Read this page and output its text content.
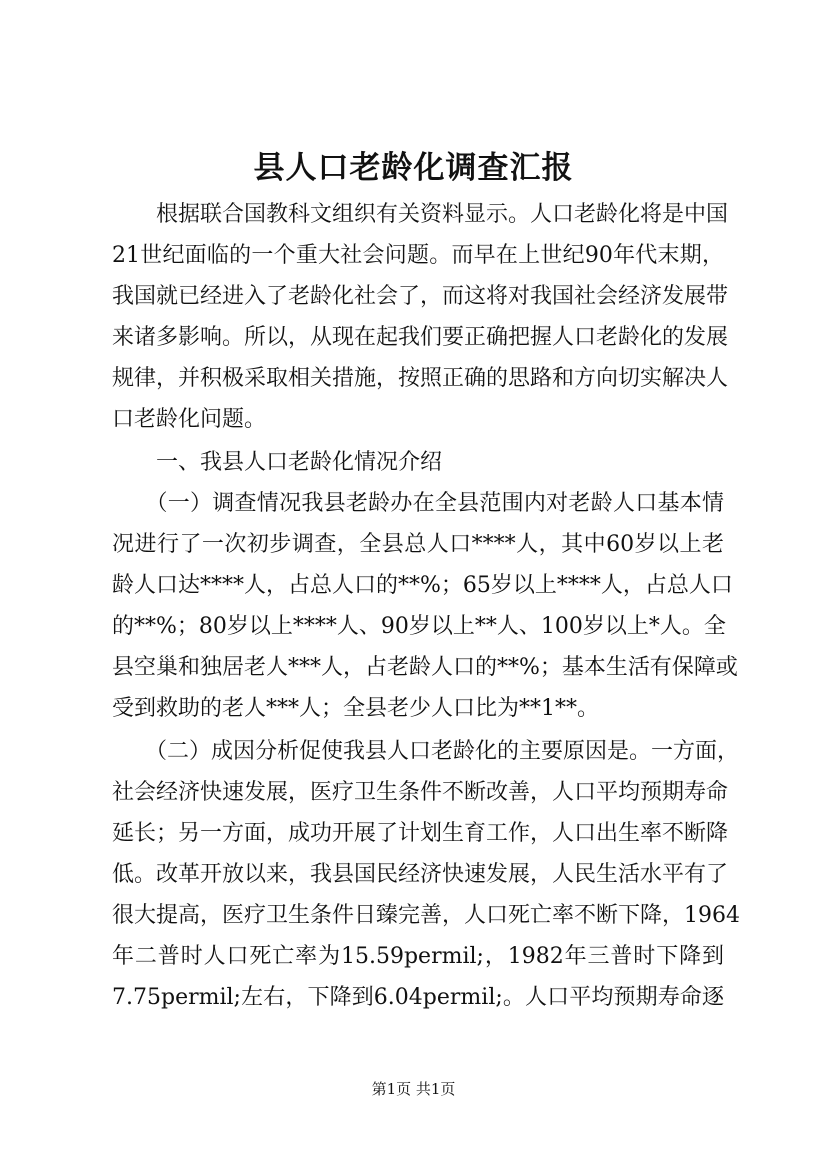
县人口老龄化调查汇报
　　根据联合国教科文组织有关资料显示。人口老龄化将是中国
21世纪面临的一个重大社会问题。而早在上世纪90年代末期，
我国就已经进入了老龄化社会了，而这将对我国社会经济发展带
来诸多影响。所以，从现在起我们要正确把握人口老龄化的发展
规律，并积极采取相关措施，按照正确的思路和方向切实解决人
口老龄化问题。
　　一、我县人口老龄化情况介绍
　　（一）调查情况我县老龄办在全县范围内对老龄人口基本情
况进行了一次初步调查，全县总人口****人，其中60岁以上老
龄人口达****人，占总人口的**%；65岁以上****人，占总人口
的**%；80岁以上****人、90岁以上**人、100岁以上*人。全
县空巢和独居老人***人，占老龄人口的**%；基本生活有保障或
受到救助的老人***人；全县老少人口比为**1**。
　　（二）成因分析促使我县人口老龄化的主要原因是。一方面，
社会经济快速发展，医疗卫生条件不断改善，人口平均预期寿命
延长；另一方面，成功开展了计划生育工作，人口出生率不断降
低。改革开放以来，我县国民经济快速发展，人民生活水平有了
很大提高，医疗卫生条件日臻完善，人口死亡率不断下降，1964
年二普时人口死亡率为15.59permil;，1982年三普时下降到
7.75permil;左右，下降到6.04permil;。人口平均预期寿命逐
第1页 共1页
